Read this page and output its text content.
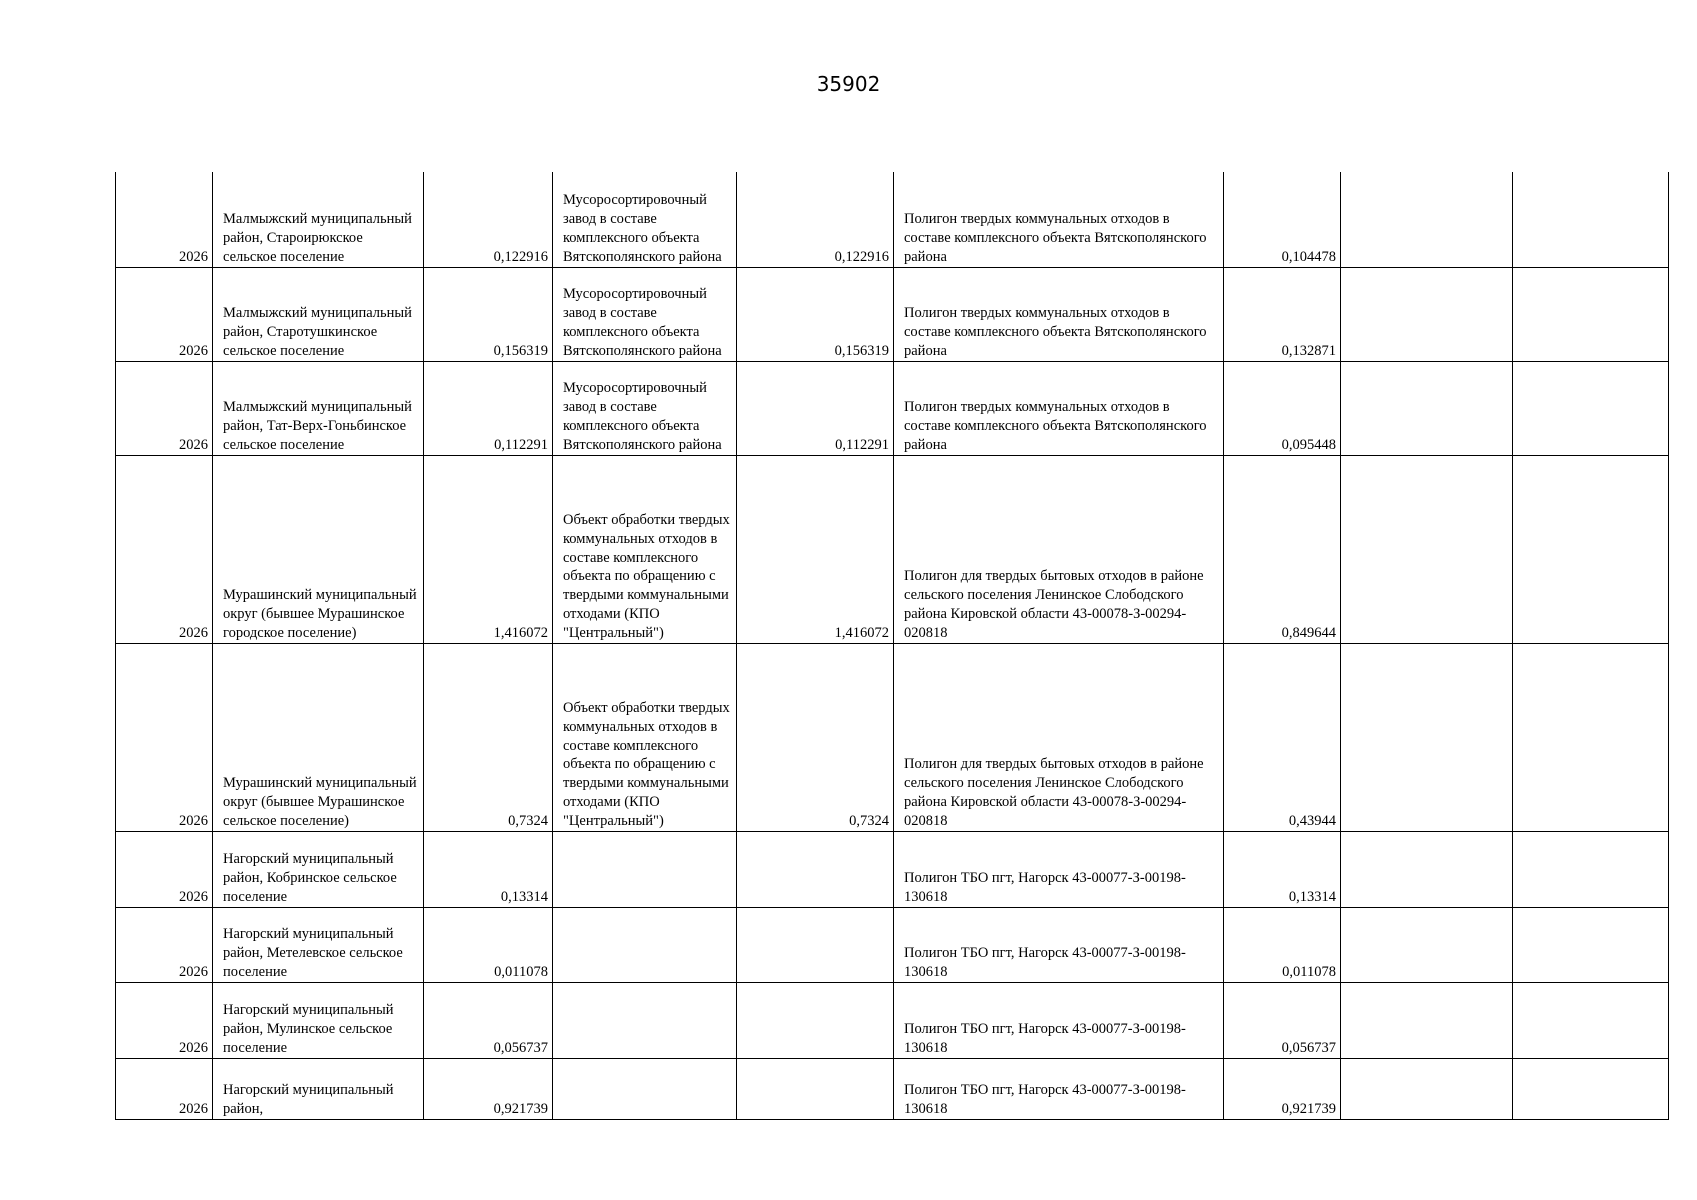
35902
2026	Малмыжский муниципальный район, Староирюкское сельское поселение	0,122916	Мусоросортировочный завод в составе комплексного объекта Вятскополянского района	0,122916	Полигон твердых коммунальных отходов в составе комплексного объекта Вятскополянского района	0,104478		
2026	Малмыжский муниципальный район, Старотушкинское сельское поселение	0,156319	Мусоросортировочный завод в составе комплексного объекта Вятскополянского района	0,156319	Полигон твердых коммунальных отходов в составе комплексного объекта Вятскополянского района	0,132871		
2026	Малмыжский муниципальный район, Тат-Верх-Гоньбинское сельское поселение	0,112291	Мусоросортировочный завод в составе комплексного объекта Вятскополянского района	0,112291	Полигон твердых коммунальных отходов в составе комплексного объекта Вятскополянского района	0,095448		
2026	Мурашинский муниципальный округ (бывшее Мурашинское городское поселение)	1,416072	Объект обработки твердых коммунальных отходов в составе комплексного объекта по обращению с твердыми коммунальными отходами (КПО "Центральный")	1,416072	Полигон для твердых бытовых отходов в районе сельского поселения Ленинское Слободского района Кировской области 43-00078-З-00294-020818	0,849644		
2026	Мурашинский муниципальный округ (бывшее Мурашинское сельское поселение)	0,7324	Объект обработки твердых коммунальных отходов в составе комплексного объекта по обращению с твердыми коммунальными отходами (КПО "Центральный")	0,7324	Полигон для твердых бытовых отходов в районе сельского поселения Ленинское Слободского района Кировской области 43-00078-З-00294-020818	0,43944		
2026	Нагорский муниципальный район, Кобринское сельское поселение	0,13314			Полигон ТБО пгт, Нагорск 43-00077-З-00198-130618	0,13314		
2026	Нагорский муниципальный район, Метелевское сельское поселение	0,011078			Полигон ТБО пгт, Нагорск 43-00077-З-00198-130618	0,011078		
2026	Нагорский муниципальный район, Мулинское сельское поселение	0,056737			Полигон ТБО пгт, Нагорск 43-00077-З-00198-130618	0,056737		
2026	Нагорский муниципальный район,	0,921739			Полигон ТБО пгт, Нагорск 43-00077-З-00198-130618	0,921739		
